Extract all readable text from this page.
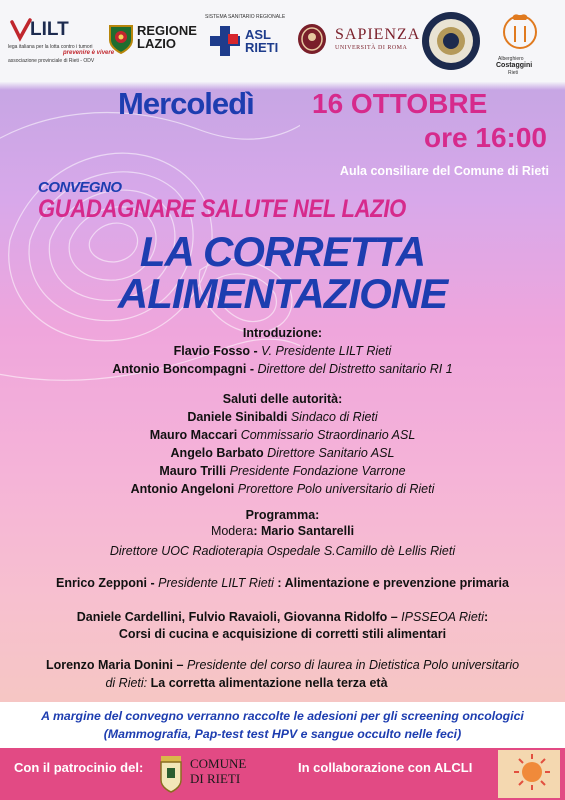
LILT
lega italiana per la lotta contro i tumori
prevenire è vivere
associazione provinciale di Rieti - ODV
REGIONE
LAZIO
SISTEMA SANITARIO REGIONALE
ASL
RIETI
SAPIENZA
UNIVERSITÀ DI ROMA
Alberghiero
Costaggini
Rieti
Mercoledì 16 OTTOBRE
ore 16:00
Aula consiliare del Comune di Rieti
CONVEGNO
GUADAGNARE SALUTE NEL LAZIO
LA CORRETTA
ALIMENTAZIONE
Introduzione:
Flavio Fosso - V. Presidente LILT Rieti
Antonio Boncompagni - Direttore del Distretto sanitario RI 1
Saluti delle autorità:
Daniele Sinibaldi Sindaco di Rieti
Mauro Maccari Commissario Straordinario ASL
Angelo Barbato Direttore Sanitario ASL
Mauro Trilli Presidente Fondazione Varrone
Antonio Angeloni Prorettore Polo universitario di Rieti
Programma:
Modera: Mario Santarelli
Direttore UOC Radioterapia Ospedale S.Camillo dè Lellis Rieti
Enrico Zepponi - Presidente LILT Rieti : Alimentazione e prevenzione primaria
Daniele Cardellini, Fulvio Ravaioli, Giovanna Ridolfo – IPSSEOA Rieti:
Corsi di cucina e acquisizione di corretti stili alimentari
Lorenzo Maria Donini – Presidente del corso di laurea in Dietistica Polo universitario
di Rieti: La corretta alimentazione nella terza età
A margine del convegno verranno raccolte le adesioni per gli screening oncologici
(Mammografia, Pap-test test HPV e sangue occulto nelle feci)
Con il patrocinio del:	COMUNE
DI RIETI
In collaborazione con ALCLI
